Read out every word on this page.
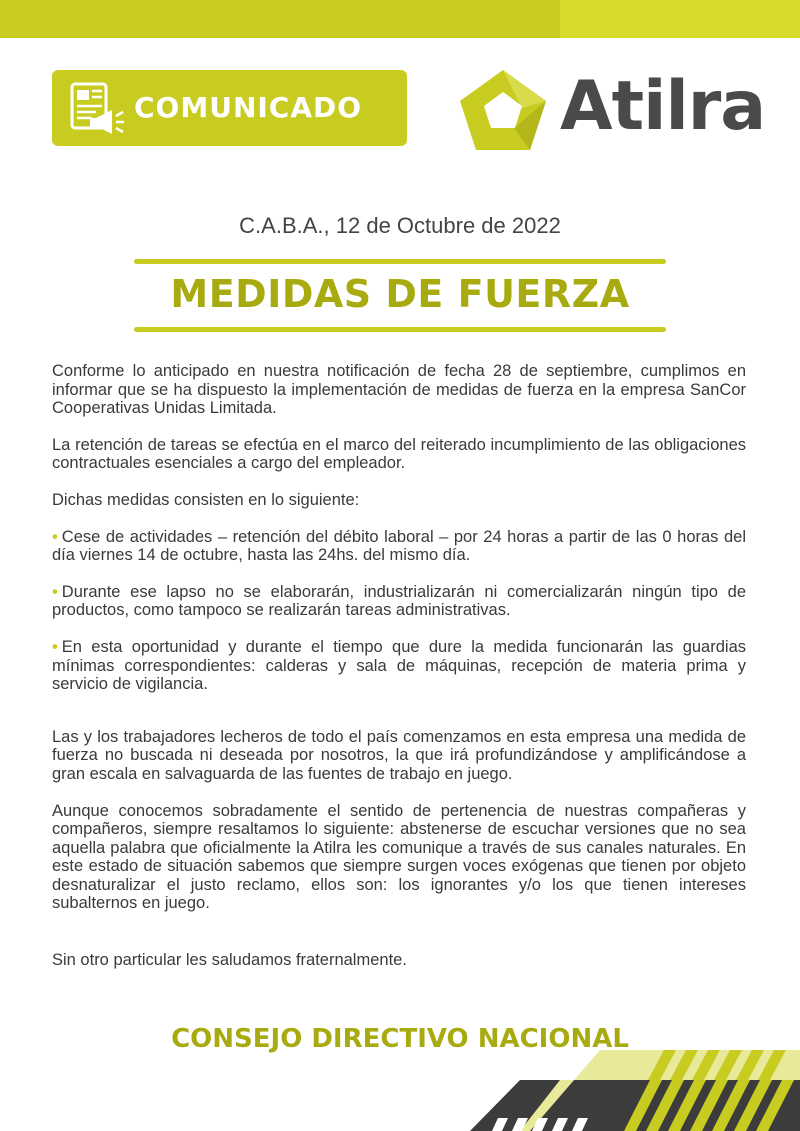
COMUNICADO	Atilra
C.A.B.A., 12 de Octubre de 2022
MEDIDAS DE FUERZA

Conforme lo anticipado en nuestra notificación de fecha 28 de septiembre, cumplimos en informar que se ha dispuesto la implementación de medidas de fuerza en la empresa SanCor Cooperativas Unidas Limitada.

La retención de tareas se efectúa en el marco del reiterado incumplimiento de las obligaciones contractuales esenciales a cargo del empleador.

Dichas medidas consisten en lo siguiente:

• Cese de actividades – retención del débito laboral – por 24 horas a partir de las 0 horas del día viernes 14 de octubre, hasta las 24hs. del mismo día.

• Durante ese lapso no se elaborarán, industrializarán ni comercializarán ningún tipo de productos, como tampoco se realizarán tareas administrativas.

• En esta oportunidad y durante el tiempo que dure la medida funcionarán las guardias mínimas correspondientes: calderas y sala de máquinas, recepción de materia prima y servicio de vigilancia.

Las y los trabajadores lecheros de todo el país comenzamos en esta empresa una medida de fuerza no buscada ni deseada por nosotros, la que irá profundizándose y amplificándose a gran escala en salvaguarda de las fuentes de trabajo en juego.

Aunque conocemos sobradamente el sentido de pertenencia de nuestras compañeras y compañeros, siempre resaltamos lo siguiente: abstenerse de escuchar versiones que no sea aquella palabra que oficialmente la Atilra les comunique a través de sus canales naturales. En este estado de situación sabemos que siempre surgen voces exógenas que tienen por objeto desnaturalizar el justo reclamo, ellos son: los ignorantes y/o los que tienen intereses subalternos en juego.

Sin otro particular les saludamos fraternalmente.

CONSEJO DIRECTIVO NACIONAL
